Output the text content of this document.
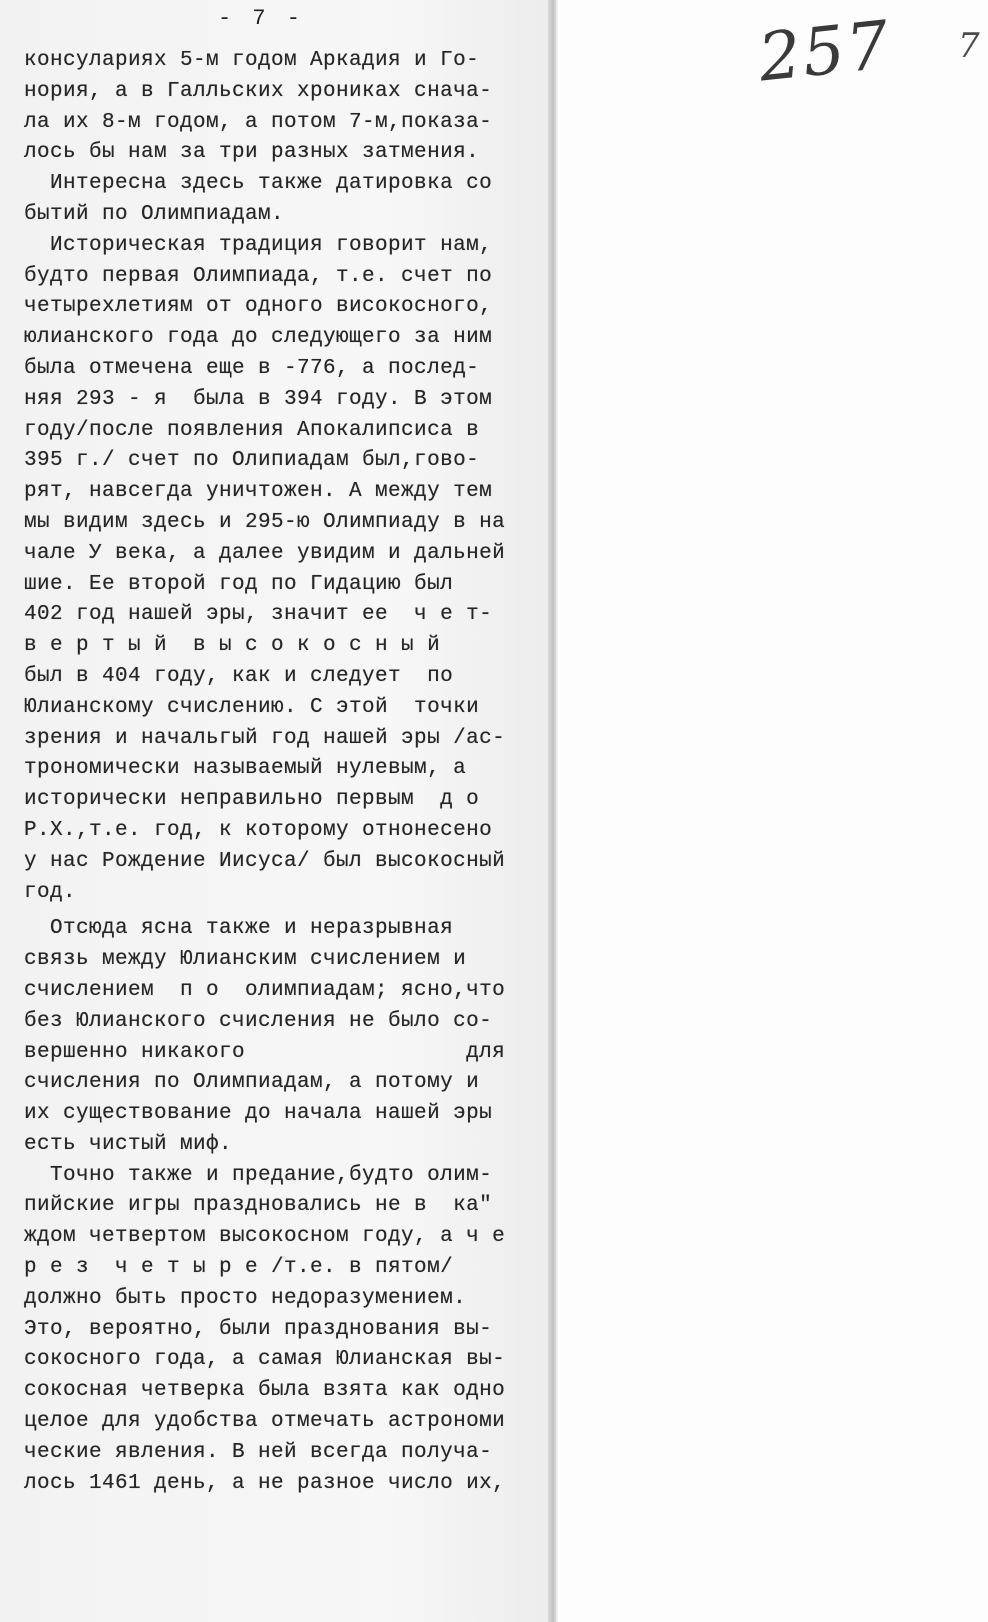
- 7 -	257 7
консулариях 5-м годом Аркадия и Го-
нория, а в Галльских хрониках снача-
ла их 8-м годом, а потом 7-м,показа-
лось бы нам за три разных затмения.
Интересна здесь также датировка со
бытий по Олимпиадам.
Историческая традиция говорит нам,
будто первая Олимпиада, т.е. счет по
четырехлетиям от одного високосного,
юлианского года до следующего за ним
была отмечена еще в -776, а послед-
няя 293 - я  была в 394 году. В этом
году/после появления Апокалипсиса в
395 г./ счет по Олипиадам был,гово-
рят, навсегда уничтожен. А между тем
мы видим здесь и 295-ю Олимпиаду в на
чале У века, а далее увидим и дальней
шие. Ее второй год по Гидацию был
402 год нашей эры, значит ее  ч е т-
в е р т ы й  в ы с о к о с н ы й
был в 404 году, как и следует  по
Юлианскому счислению. С этой  точки
зрения и начальгый год нашей эры /ас-
трономически называемый нулевым, а
исторически неправильно первым  д о
Р.Х.,т.е. год, к которому отнонесено
у нас Рождение Иисуса/ был высокосный
год.
Отсюда ясна также и неразрывная
связь между Юлианским счислением и
счислением  п о  олимпиадам; ясно,что
без Юлианского счисления не было со-
вершенно никакого                 для
счисления по Олимпиадам, а потому и
их существование до начала нашей эры
есть чистый миф.
Точно также и предание,будто олим-
пийские игры праздновались не в  ка"
ждом четвертом высокосном году, а ч е
р е з  ч е т ы р е /т.е. в пятом/
должно быть просто недоразумением.
Это, вероятно, были празднования вы-
сокосного года, а самая Юлианская вы-
сокосная четверка была взята как одно
целое для удобства отмечать астрономи
ческие явления. В ней всегда получа-
лось 1461 день, а не разное число их,
